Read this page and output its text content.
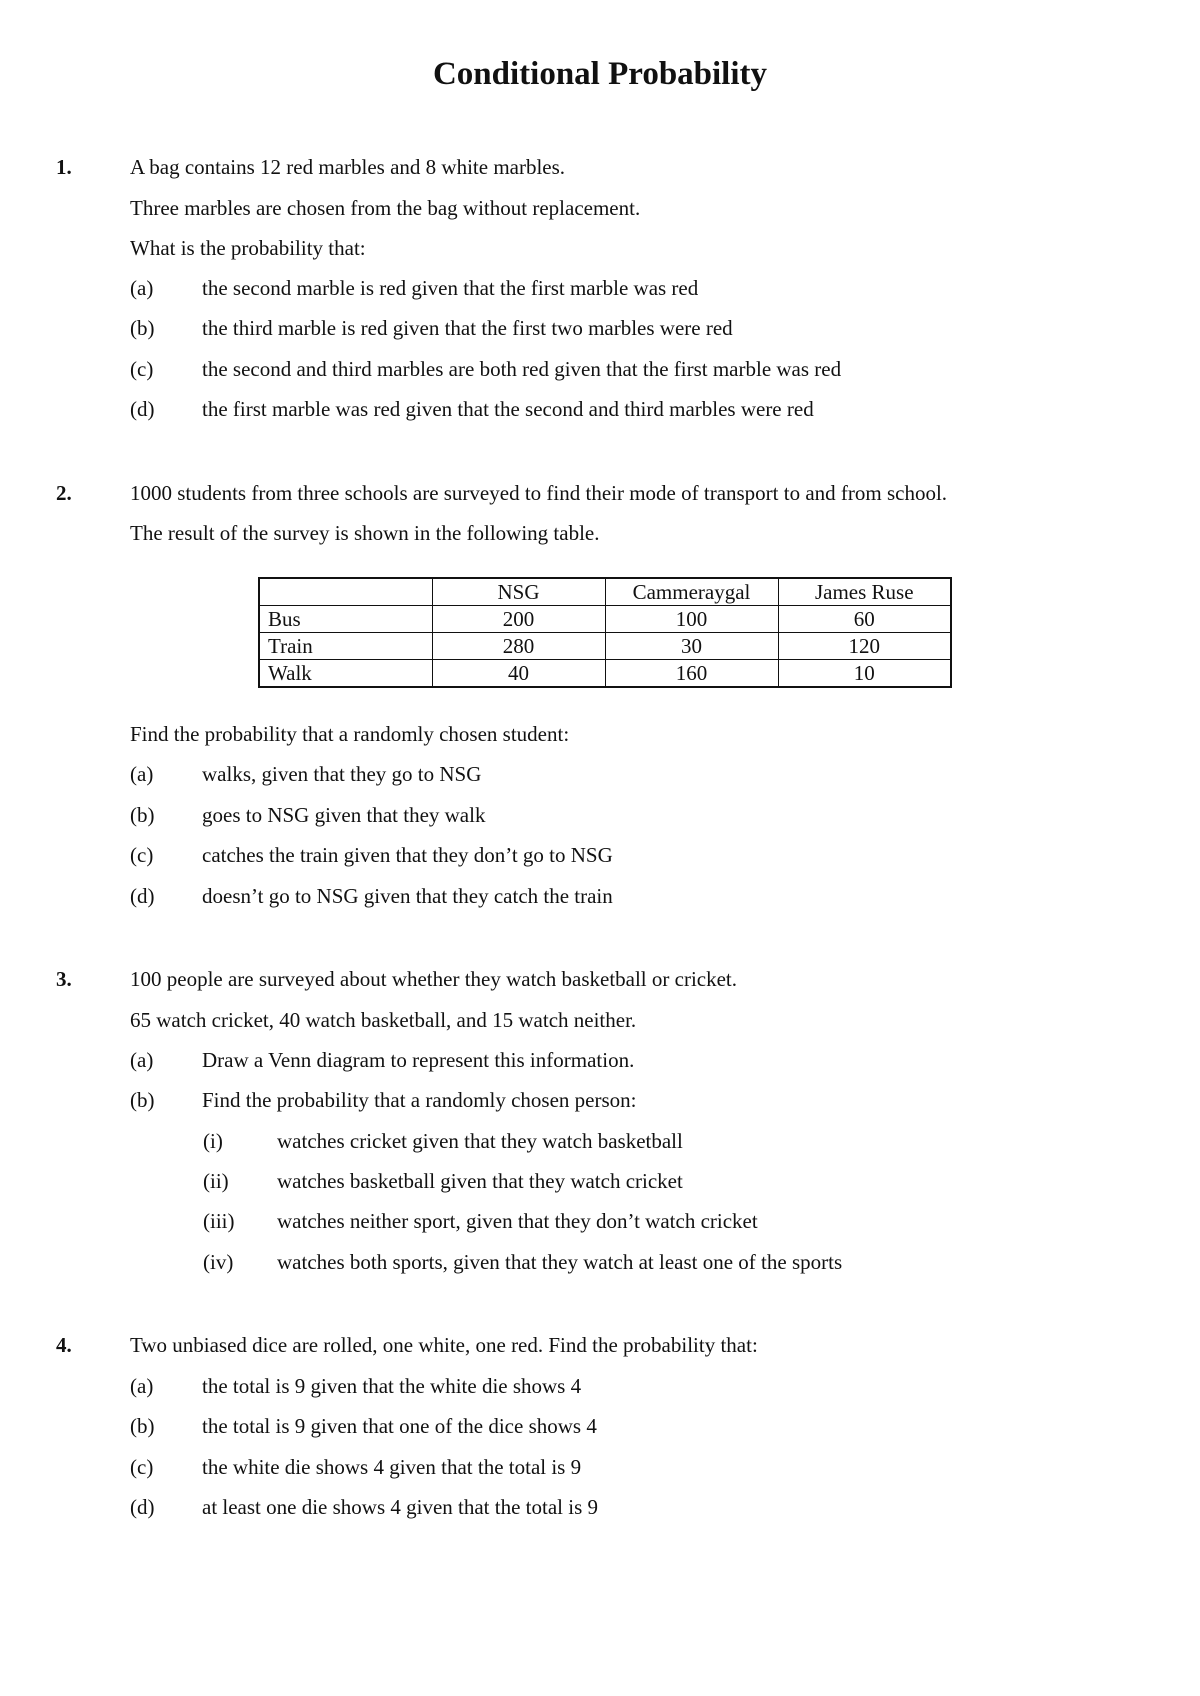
Conditional Probability
1.	A bag contains 12 red marbles and 8 white marbles.
Three marbles are chosen from the bag without replacement.
What is the probability that:
(a) the second marble is red given that the first marble was red
(b) the third marble is red given that the first two marbles were red
(c) the second and third marbles are both red given that the first marble was red
(d) the first marble was red given that the second and third marbles were red
2.	1000 students from three schools are surveyed to find their mode of transport to and from school.
The result of the survey is shown in the following table.
	NSG	Cammeraygal	James Ruse
Bus	200	100	60
Train	280	30	120
Walk	40	160	10
Find the probability that a randomly chosen student:
(a) walks, given that they go to NSG
(b) goes to NSG given that they walk
(c) catches the train given that they don’t go to NSG
(d) doesn’t go to NSG given that they catch the train
3.	100 people are surveyed about whether they watch basketball or cricket.
65 watch cricket, 40 watch basketball, and 15 watch neither.
(a) Draw a Venn diagram to represent this information.
(b) Find the probability that a randomly chosen person:
(i)	watches cricket given that they watch basketball
(ii) watches basketball given that they watch cricket
(iii) watches neither sport, given that they don’t watch cricket
(iv) watches both sports, given that they watch at least one of the sports
4.	Two unbiased dice are rolled, one white, one red. Find the probability that:
(a) the total is 9 given that the white die shows 4
(b) the total is 9 given that one of the dice shows 4
(c) the white die shows 4 given that the total is 9
(d) at least one die shows 4 given that the total is 9
